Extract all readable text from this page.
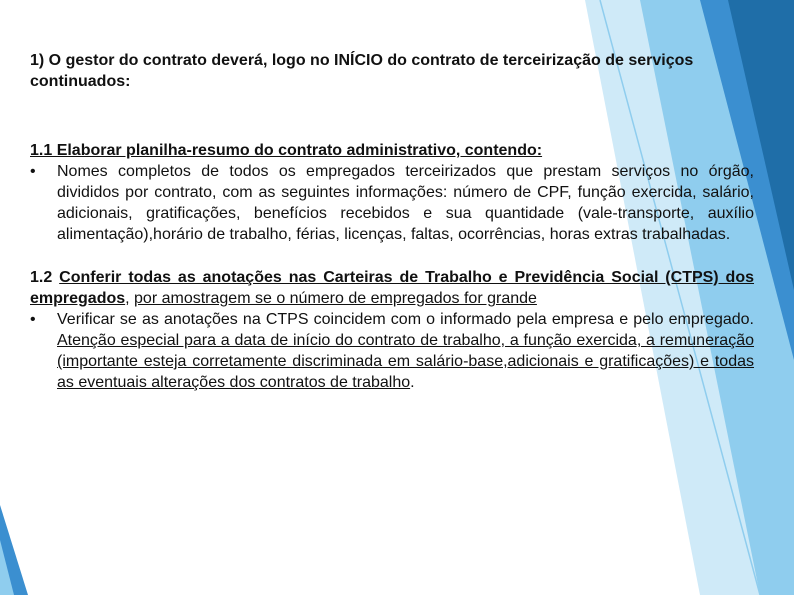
1) O gestor do contrato deverá, logo no INÍCIO do contrato de terceirização de serviços continuados:

1.1 Elaborar planilha-resumo do contrato administrativo, contendo:

• Nomes completos de todos os empregados terceirizados que prestam serviços no órgão, divididos por contrato, com as seguintes informações: número de CPF, função exercida, salário, adicionais, gratificações, benefícios recebidos e sua quantidade (vale-transporte, auxílio alimentação),horário de trabalho, férias, licenças, faltas, ocorrências, horas extras trabalhadas.

1.2 Conferir todas as anotações nas Carteiras de Trabalho e Previdência Social (CTPS) dos empregados, por amostragem se o número de empregados for grande

• Verificar se as anotações na CTPS coincidem com o informado pela empresa e pelo empregado. Atenção especial para a data de início do contrato de trabalho, a função exercida, a remuneração (importante esteja corretamente discriminada em salário-base,adicionais e gratificações) e todas as eventuais alterações dos contratos de trabalho.
